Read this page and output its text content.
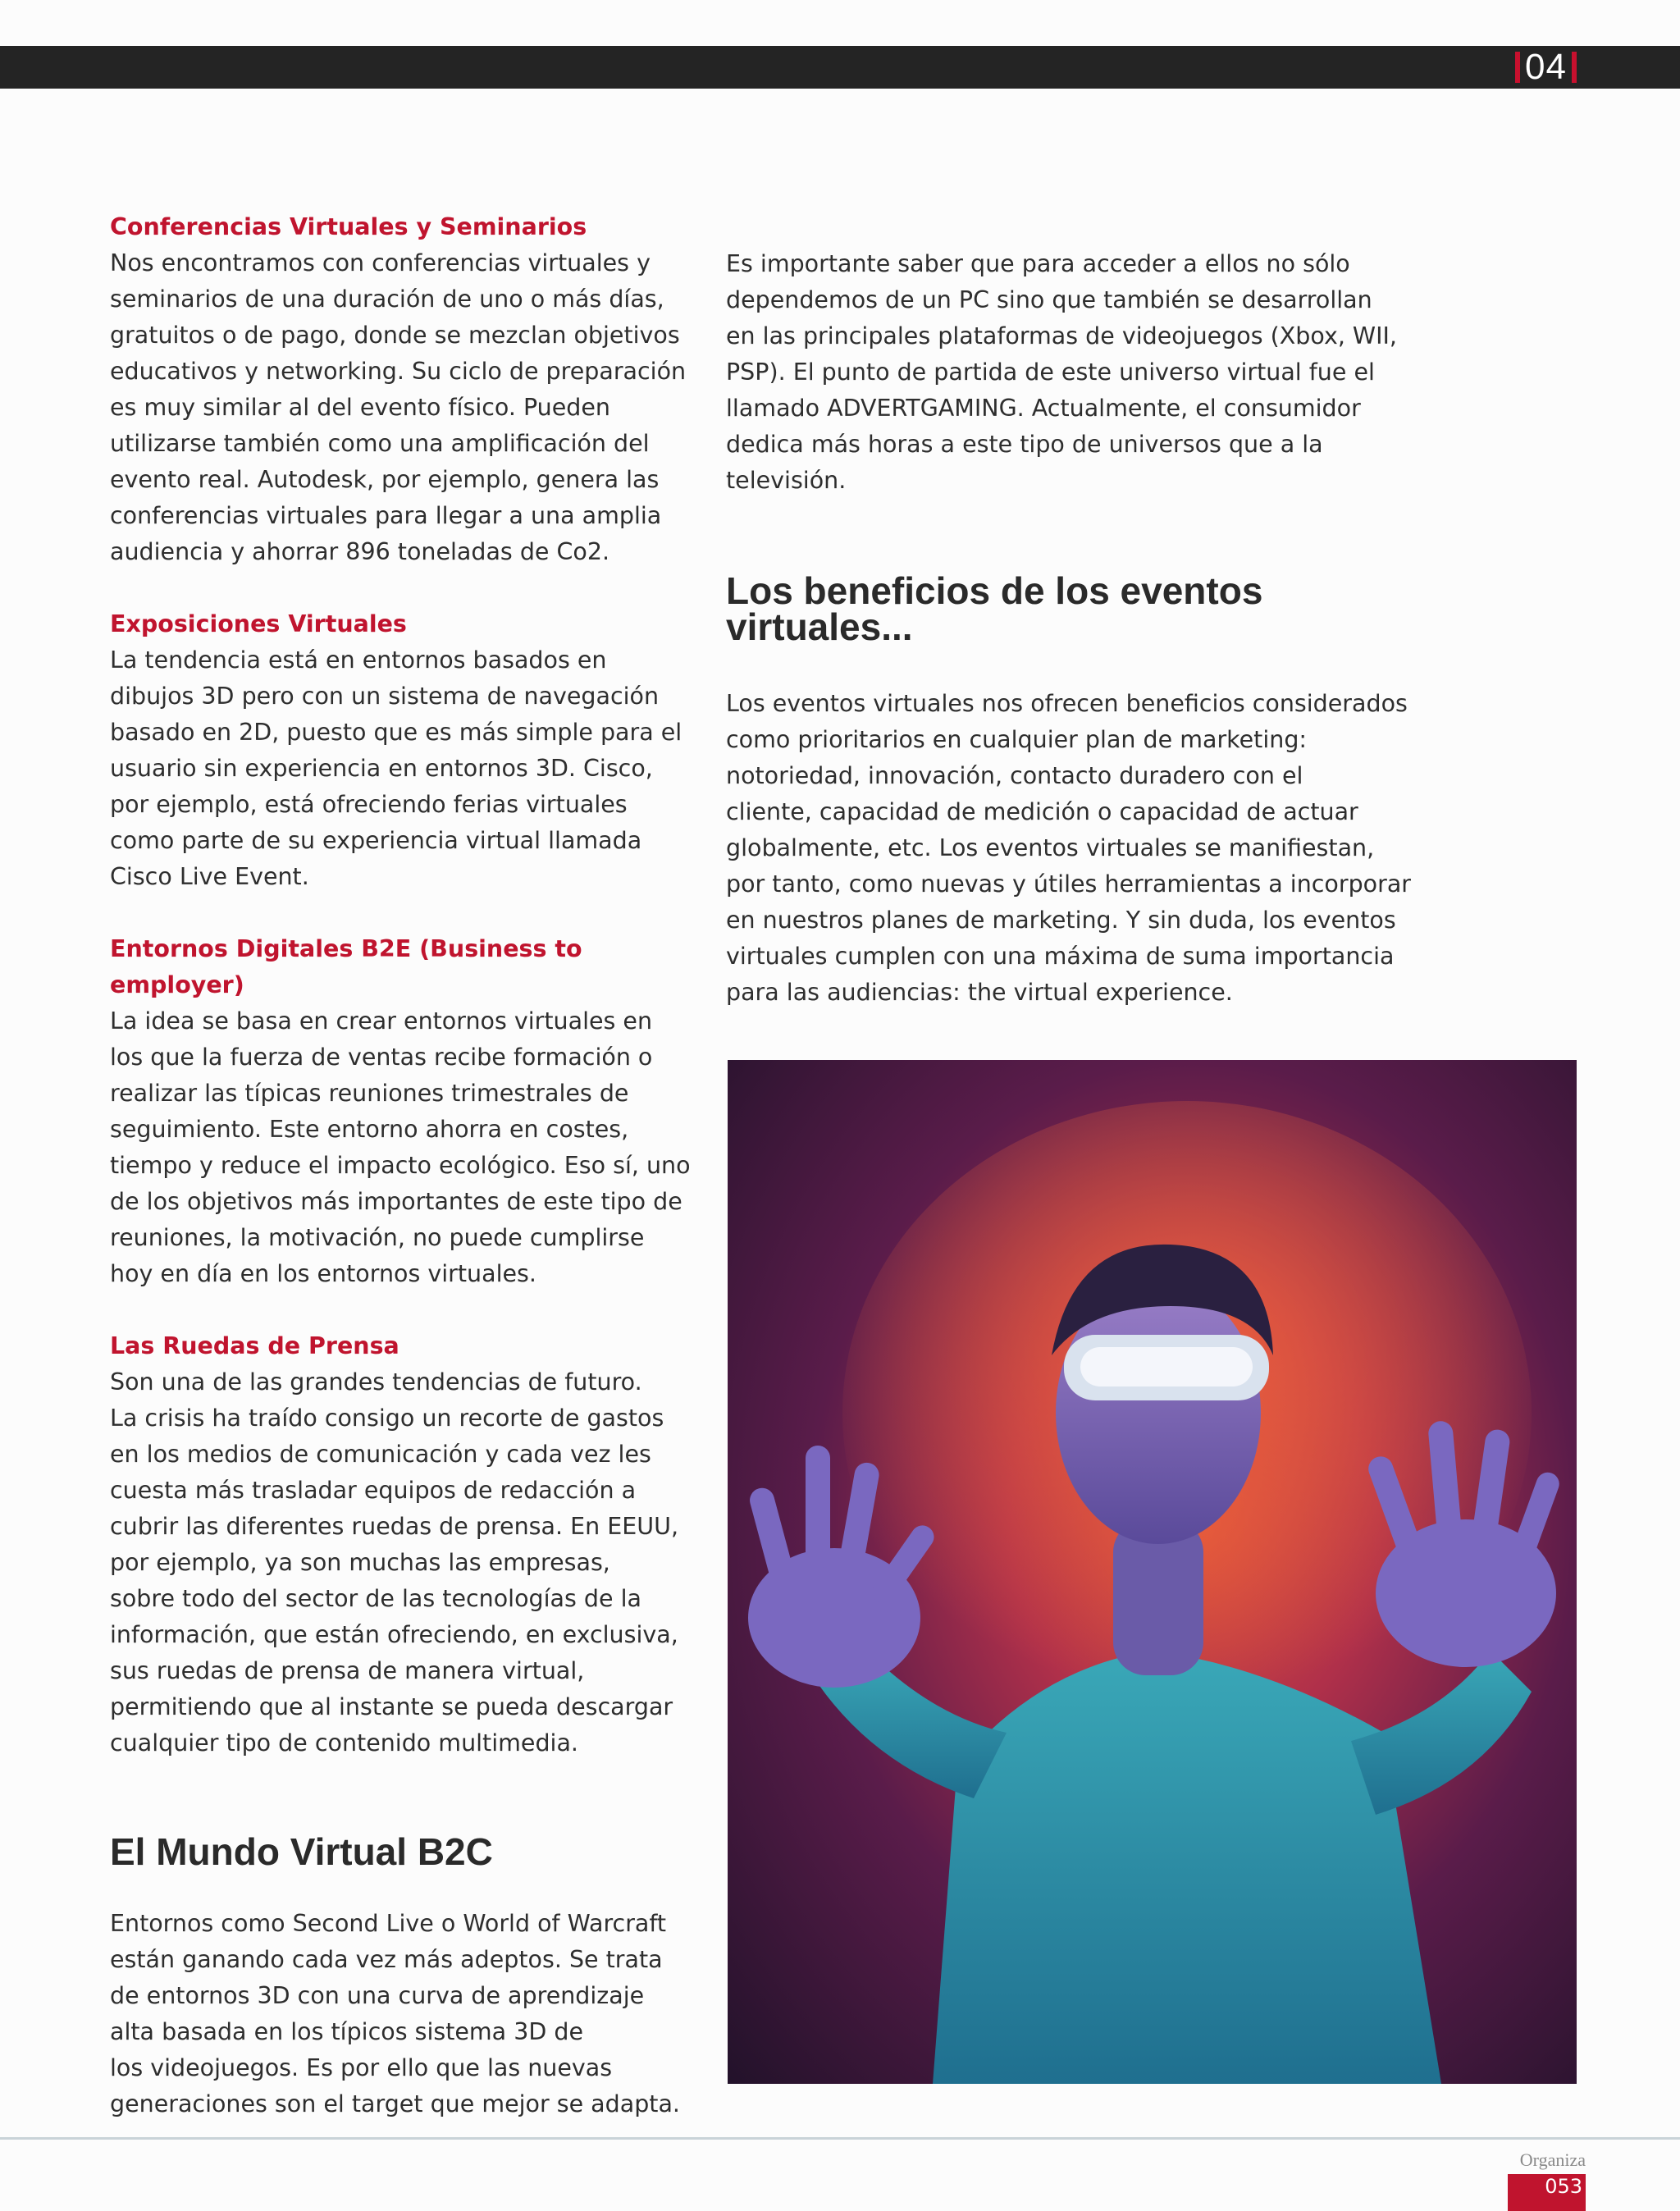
04

Conferencias Virtuales y Seminarios

Nos encontramos con conferencias virtuales y

seminarios de una duración de uno o más días,

gratuitos o de pago, donde se mezclan objetivos

educativos y networking. Su ciclo de preparación

es muy similar al del evento físico. Pueden

utilizarse también como una amplificación del

evento real. Autodesk, por ejemplo, genera las

conferencias virtuales para llegar a una amplia

audiencia y ahorrar 896 toneladas de Co2.

Exposiciones Virtuales

La tendencia está en entornos basados en

dibujos 3D pero con un sistema de navegación

basado en 2D, puesto que es más simple para el

usuario sin experiencia en entornos 3D. Cisco,

por ejemplo, está ofreciendo ferias virtuales

como parte de su experiencia virtual llamada

Cisco Live Event.

Entornos Digitales B2E (Business to employer)

La idea se basa en crear entornos virtuales en

los que la fuerza de ventas recibe formación o

realizar las típicas reuniones trimestrales de

seguimiento. Este entorno ahorra en costes,

tiempo y reduce el impacto ecológico. Eso sí, uno

de los objetivos más importantes de este tipo de

reuniones, la motivación, no puede cumplirse

hoy en día en los entornos virtuales.

Las Ruedas de Prensa

Son una de las grandes tendencias de futuro.

La crisis ha traído consigo un recorte de gastos

en los medios de comunicación y cada vez les

cuesta más trasladar equipos de redacción a

cubrir las diferentes ruedas de prensa. En EEUU,

por ejemplo, ya son muchas las empresas,

sobre todo del sector de las tecnologías de la

información, que están ofreciendo, en exclusiva,

sus ruedas de prensa de manera virtual,

permitiendo que al instante se pueda descargar

cualquier tipo de contenido multimedia.

El Mundo Virtual B2C

Entornos como Second Live o World of Warcraft

están ganando cada vez más adeptos. Se trata

de entornos 3D con una curva de aprendizaje

alta basada en los típicos sistema 3D de

los videojuegos. Es por ello que las nuevas

generaciones son el target que mejor se adapta.

Es importante saber que para acceder a ellos no sólo

dependemos de un PC sino que también se desarrollan

en las principales plataformas de videojuegos (Xbox, WII,

PSP). El punto de partida de este universo virtual fue el

llamado ADVERTGAMING. Actualmente, el consumidor

dedica más horas a este tipo de universos que a la

televisión.

Los beneficios de los eventos
virtuales...

Los eventos virtuales nos ofrecen beneficios considerados

como prioritarios en cualquier plan de marketing:

notoriedad, innovación, contacto duradero con el

cliente, capacidad de medición o capacidad de actuar

globalmente, etc. Los eventos virtuales se manifiestan,

por tanto, como nuevas y útiles herramientas a incorporar

en nuestros planes de marketing. Y sin duda, los eventos

virtuales cumplen con una máxima de suma importancia

para las audiencias: the virtual experience.

Organiza
053
